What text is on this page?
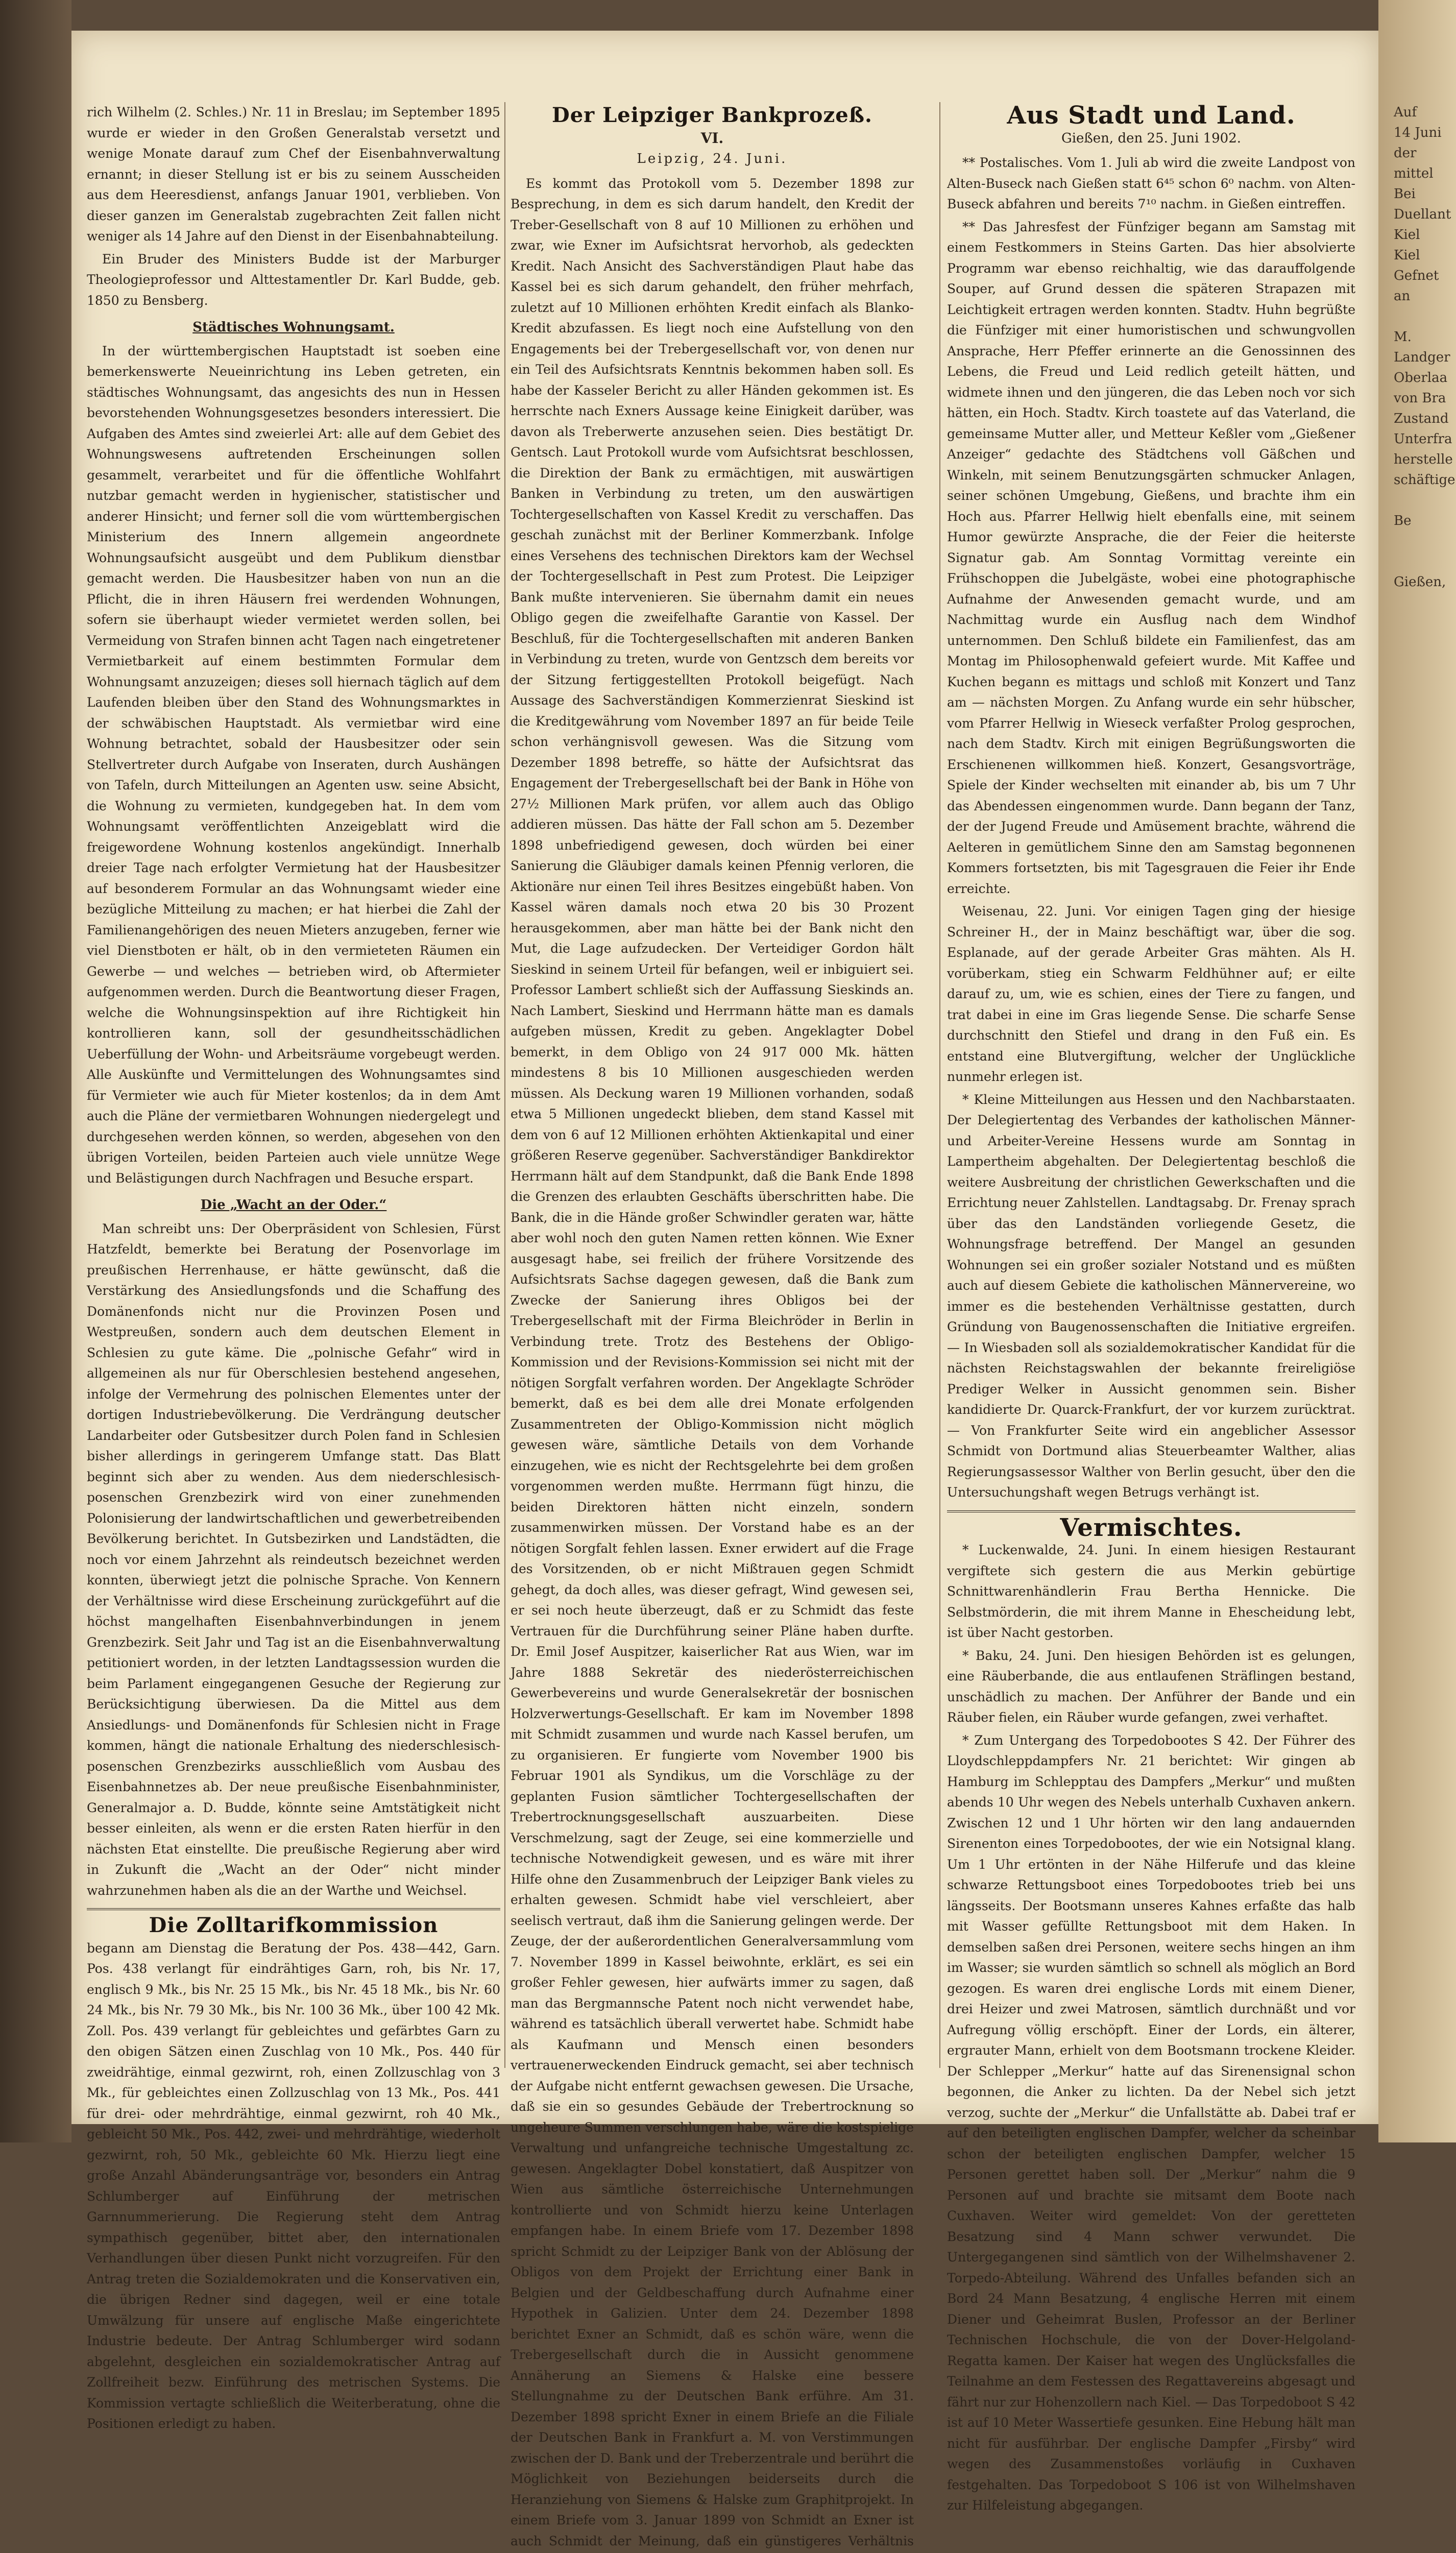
rich Wilhelm (2. Schles.) Nr. 11 in Breslau; im September 1895 wurde er wieder in den Großen Generalstab versetzt und wenige Monate darauf zum Chef der Eisenbahnverwaltung ernannt; in dieser Stellung ist er bis zu seinem Ausscheiden aus dem Heeresdienst, anfangs Januar 1901, verblieben. Von dieser ganzen im Generalstab zugebrachten Zeit fallen nicht weniger als 14 Jahre auf den Dienst in der Eisenbahnabteilung.

Ein Bruder des Ministers Budde ist der Marburger Theologieprofessor und Alttestamentler Dr. Karl Budde, geb. 1850 zu Bensberg.

Städtisches Wohnungsamt.

In der württembergischen Hauptstadt ist soeben eine bemerkenswerte Neueinrichtung ins Leben getreten, ein städtisches Wohnungsamt, das angesichts des nun in Hessen bevorstehenden Wohnungsgesetzes besonders interessiert. Die Aufgaben des Amtes sind zweierlei Art: alle auf dem Gebiet des Wohnungswesens auftretenden Erscheinungen sollen gesammelt, verarbeitet und für die öffentliche Wohlfahrt nutzbar gemacht werden in hygienischer, statistischer und anderer Hinsicht; und ferner soll die vom württembergischen Ministerium des Innern allgemein angeordnete Wohnungsaufsicht ausgeübt und dem Publikum dienstbar gemacht werden. Die Hausbesitzer haben von nun an die Pflicht, die in ihren Häusern frei werdenden Wohnungen, sofern sie überhaupt wieder vermietet werden sollen, bei Vermeidung von Strafen binnen acht Tagen nach eingetretener Vermietbarkeit auf einem bestimmten Formular dem Wohnungsamt anzuzeigen; dieses soll hiernach täglich auf dem Laufenden bleiben über den Stand des Wohnungsmarktes in der schwäbischen Hauptstadt. Als vermietbar wird eine Wohnung betrachtet, sobald der Hausbesitzer oder sein Stellvertreter durch Aufgabe von Inseraten, durch Aushängen von Tafeln, durch Mitteilungen an Agenten usw. seine Absicht, die Wohnung zu vermieten, kundgegeben hat. In dem vom Wohnungsamt veröffentlichten Anzeigeblatt wird die freigewordene Wohnung kostenlos angekündigt. Innerhalb dreier Tage nach erfolgter Vermietung hat der Hausbesitzer auf besonderem Formular an das Wohnungsamt wieder eine bezügliche Mitteilung zu machen; er hat hierbei die Zahl der Familienangehörigen des neuen Mieters anzugeben, ferner wie viel Dienstboten er hält, ob in den vermieteten Räumen ein Gewerbe — und welches — betrieben wird, ob Aftermieter aufgenommen werden. Durch die Beantwortung dieser Fragen, welche die Wohnungsinspektion auf ihre Richtigkeit hin kontrollieren kann, soll der gesundheitsschädlichen Ueberfüllung der Wohn- und Arbeitsräume vorgebeugt werden. Alle Auskünfte und Vermittelungen des Wohnungsamtes sind für Vermieter wie auch für Mieter kostenlos; da in dem Amt auch die Pläne der vermietbaren Wohnungen niedergelegt und durchgesehen werden können, so werden, abgesehen von den übrigen Vorteilen, beiden Parteien auch viele unnütze Wege und Belästigungen durch Nachfragen und Besuche erspart.

Die „Wacht an der Oder.“

Man schreibt uns: Der Oberpräsident von Schlesien, Fürst Hatzfeldt, bemerkte bei Beratung der Posenvorlage im preußischen Herrenhause, er hätte gewünscht, daß die Verstärkung des Ansiedlungsfonds und die Schaffung des Domänenfonds nicht nur die Provinzen Posen und Westpreußen, sondern auch dem deutschen Element in Schlesien zu gute käme. Die „polnische Gefahr“ wird in allgemeinen als nur für Oberschlesien bestehend angesehen, infolge der Vermehrung des polnischen Elementes unter der dortigen Industriebevölkerung. Die Verdrängung deutscher Landarbeiter oder Gutsbesitzer durch Polen fand in Schlesien bisher allerdings in geringerem Umfange statt. Das Blatt beginnt sich aber zu wenden. Aus dem niederschlesisch-posenschen Grenzbezirk wird von einer zunehmenden Polonisierung der landwirtschaftlichen und gewerbetreibenden Bevölkerung berichtet. In Gutsbezirken und Landstädten, die noch vor einem Jahrzehnt als reindeutsch bezeichnet werden konnten, überwiegt jetzt die polnische Sprache. Von Kennern der Verhältnisse wird diese Erscheinung zurückgeführt auf die höchst mangelhaften Eisenbahnverbindungen in jenem Grenzbezirk. Seit Jahr und Tag ist an die Eisenbahnverwaltung petitioniert worden, in der letzten Landtagssession wurden die beim Parlament eingegangenen Gesuche der Regierung zur Berücksichtigung überwiesen. Da die Mittel aus dem Ansiedlungs- und Domänenfonds für Schlesien nicht in Frage kommen, hängt die nationale Erhaltung des niederschlesisch-posenschen Grenzbezirks ausschließlich vom Ausbau des Eisenbahnnetzes ab. Der neue preußische Eisenbahnminister, Generalmajor a. D. Budde, könnte seine Amtstätigkeit nicht besser einleiten, als wenn er die ersten Raten hierfür in den nächsten Etat einstellte. Die preußische Regierung aber wird in Zukunft die „Wacht an der Oder“ nicht minder wahrzunehmen haben als die an der Warthe und Weichsel.

Die Zolltarifkommission

begann am Dienstag die Beratung der Pos. 438—442, Garn. Pos. 438 verlangt für eindrähtiges Garn, roh, bis Nr. 17, englisch 9 Mk., bis Nr. 25 15 Mk., bis Nr. 45 18 Mk., bis Nr. 60 24 Mk., bis Nr. 79 30 Mk., bis Nr. 100 36 Mk., über 100 42 Mk. Zoll. Pos. 439 verlangt für gebleichtes und gefärbtes Garn zu den obigen Sätzen einen Zuschlag von 10 Mk., Pos. 440 für zweidrähtige, einmal gezwirnt, roh, einen Zollzuschlag von 3 Mk., für gebleichtes einen Zollzuschlag von 13 Mk., Pos. 441 für drei- oder mehrdrähtige, einmal gezwirnt, roh 40 Mk., gebleicht 50 Mk., Pos. 442, zwei- und mehrdrähtige, wiederholt gezwirnt, roh, 50 Mk., gebleichte 60 Mk. Hierzu liegt eine große Anzahl Abänderungsanträge vor, besonders ein Antrag Schlumberger auf Einführung der metrischen Garnnummerierung. Die Regierung steht dem Antrag sympathisch gegenüber, bittet aber, den internationalen Verhandlungen über diesen Punkt nicht vorzugreifen. Für den Antrag treten die Sozialdemokraten und die Konservativen ein, die übrigen Redner sind dagegen, weil er eine totale Umwälzung für unsere auf englische Maße eingerichtete Industrie bedeute. Der Antrag Schlumberger wird sodann abgelehnt, desgleichen ein sozialdemokratischer Antrag auf Zollfreiheit bezw. Einführung des metrischen Systems. Die Kommission vertagte schließlich die Weiterberatung, ohne die Positionen erledigt zu haben.

Der Leipziger Bankprozeß.
VI.
Leipzig, 24. Juni.

Es kommt das Protokoll vom 5. Dezember 1898 zur Besprechung, in dem es sich darum handelt, den Kredit der Treber-Gesellschaft von 8 auf 10 Millionen zu erhöhen und zwar, wie Exner im Aufsichtsrat hervorhob, als gedeckten Kredit. Nach Ansicht des Sachverständigen Plaut habe das Kassel bei es sich darum gehandelt, den früher mehrfach, zuletzt auf 10 Millionen erhöhten Kredit einfach als Blanko-Kredit abzufassen. Es liegt noch eine Aufstellung von den Engagements bei der Trebergesellschaft vor, von denen nur ein Teil des Aufsichtsrats Kenntnis bekommen haben soll. Es habe der Kasseler Bericht zu aller Händen gekommen ist. Es herrschte nach Exners Aussage keine Einigkeit darüber, was davon als Treberwerte anzusehen seien. Dies bestätigt Dr. Gentsch. Laut Protokoll wurde vom Aufsichtsrat beschlossen, die Direktion der Bank zu ermächtigen, mit auswärtigen Banken in Verbindung zu treten, um den auswärtigen Tochtergesellschaften von Kassel Kredit zu verschaffen. Das geschah zunächst mit der Berliner Kommerzbank. Infolge eines Versehens des technischen Direktors kam der Wechsel der Tochtergesellschaft in Pest zum Protest. Die Leipziger Bank mußte intervenieren. Sie übernahm damit ein neues Obligo gegen die zweifelhafte Garantie von Kassel. Der Beschluß, für die Tochtergesellschaften mit anderen Banken in Verbindung zu treten, wurde von Gentzsch dem bereits vor der Sitzung fertiggestellten Protokoll beigefügt. Nach Aussage des Sachverständigen Kommerzienrat Sieskind ist die Kreditgewährung vom November 1897 an für beide Teile schon verhängnisvoll gewesen. Was die Sitzung vom Dezember 1898 betreffe, so hätte der Aufsichtsrat das Engagement der Trebergesellschaft bei der Bank in Höhe von 27½ Millionen Mark prüfen, vor allem auch das Obligo addieren müssen. Das hätte der Fall schon am 5. Dezember 1898 unbefriedigend gewesen, doch würden bei einer Sanierung die Gläubiger damals keinen Pfennig verloren, die Aktionäre nur einen Teil ihres Besitzes eingebüßt haben. Von Kassel wären damals noch etwa 20 bis 30 Prozent herausgekommen, aber man hätte bei der Bank nicht den Mut, die Lage aufzudecken. Der Verteidiger Gordon hält Sieskind in seinem Urteil für befangen, weil er inbiguiert sei. Professor Lambert schließt sich der Auffassung Sieskinds an. Nach Lambert, Sieskind und Herrmann hätte man es damals aufgeben müssen, Kredit zu geben. Angeklagter Dobel bemerkt, in dem Obligo von 24 917 000 Mk. hätten mindestens 8 bis 10 Millionen ausgeschieden werden müssen. Als Deckung waren 19 Millionen vorhanden, sodaß etwa 5 Millionen ungedeckt blieben, dem stand Kassel mit dem von 6 auf 12 Millionen erhöhten Aktienkapital und einer größeren Reserve gegenüber. Sachverständiger Bankdirektor Herrmann hält auf dem Standpunkt, daß die Bank Ende 1898 die Grenzen des erlaubten Geschäfts überschritten habe. Die Bank, die in die Hände großer Schwindler geraten war, hätte aber wohl noch den guten Namen retten können. Wie Exner ausgesagt habe, sei freilich der frühere Vorsitzende des Aufsichtsrats Sachse dagegen gewesen, daß die Bank zum Zwecke der Sanierung ihres Obligos bei der Trebergesellschaft mit der Firma Bleichröder in Berlin in Verbindung trete. Trotz des Bestehens der Obligo-Kommission und der Revisions-Kommission sei nicht mit der nötigen Sorgfalt verfahren worden. Der Angeklagte Schröder bemerkt, daß es bei dem alle drei Monate erfolgenden Zusammentreten der Obligo-Kommission nicht möglich gewesen wäre, sämtliche Details von dem Vorhande einzugehen, wie es nicht der Rechtsgelehrte bei dem großen vorgenommen werden mußte. Herrmann fügt hinzu, die beiden Direktoren hätten nicht einzeln, sondern zusammenwirken müssen. Der Vorstand habe es an der nötigen Sorgfalt fehlen lassen. Exner erwidert auf die Frage des Vorsitzenden, ob er nicht Mißtrauen gegen Schmidt gehegt, da doch alles, was dieser gefragt, Wind gewesen sei, er sei noch heute überzeugt, daß er zu Schmidt das feste Vertrauen für die Durchführung seiner Pläne haben durfte. Dr. Emil Josef Auspitzer, kaiserlicher Rat aus Wien, war im Jahre 1888 Sekretär des niederösterreichischen Gewerbevereins und wurde Generalsekretär der bosnischen Holzverwertungs-Gesellschaft. Er kam im November 1898 mit Schmidt zusammen und wurde nach Kassel berufen, um zu organisieren. Er fungierte vom November 1900 bis Februar 1901 als Syndikus, um die Vorschläge zu der geplanten Fusion sämtlicher Tochtergesellschaften der Trebertrocknungsgesellschaft auszuarbeiten. Diese Verschmelzung, sagt der Zeuge, sei eine kommerzielle und technische Notwendigkeit gewesen, und es wäre mit ihrer Hilfe ohne den Zusammenbruch der Leipziger Bank vieles zu erhalten gewesen. Schmidt habe viel verschleiert, aber seelisch vertraut, daß ihm die Sanierung gelingen werde. Der Zeuge, der der außerordentlichen Generalversammlung vom 7. November 1899 in Kassel beiwohnte, erklärt, es sei ein großer Fehler gewesen, hier aufwärts immer zu sagen, daß man das Bergmannsche Patent noch nicht verwendet habe, während es tatsächlich überall verwertet habe. Schmidt habe als Kaufmann und Mensch einen besonders vertrauenerweckenden Eindruck gemacht, sei aber technisch der Aufgabe nicht entfernt gewachsen gewesen. Die Ursache, daß sie ein so gesundes Gebäude der Trebertrocknung so ungeheure Summen verschlungen habe, wäre die kostspielige Verwaltung und unfangreiche technische Umgestaltung zc. gewesen. Angeklagter Dobel konstatiert, daß Auspitzer von Wien aus sämtliche österreichische Unternehmungen kontrollierte und von Schmidt hierzu keine Unterlagen empfangen habe. In einem Briefe vom 17. Dezember 1898 spricht Schmidt zu der Leipziger Bank von der Ablösung der Obligos von dem Projekt der Errichtung einer Bank in Belgien und der Geldbeschaffung durch Aufnahme einer Hypothek in Galizien. Unter dem 24. Dezember 1898 berichtet Exner an Schmidt, daß es schön wäre, wenn die Trebergesellschaft durch die in Aussicht genommene Annäherung an Siemens & Halske eine bessere Stellungnahme zu der Deutschen Bank erführe. Am 31. Dezember 1898 spricht Exner in einem Briefe an die Filiale der Deutschen Bank in Frankfurt a. M. von Verstimmungen zwischen der D. Bank und der Treberzentrale und berührt die Möglichkeit von Beziehungen beiderseits durch die Heranziehung von Siemens & Halske zum Graphitprojekt. In einem Briefe vom 3. Januar 1899 von Schmidt an Exner ist auch Schmidt der Meinung, daß ein günstigeres Verhältnis

Aus Stadt und Land.
Gießen, den 25. Juni 1902.

** Postalisches. Vom 1. Juli ab wird die zweite Landpost von Alten-Buseck nach Gießen statt 6⁴⁵ schon 6⁰ nachm. von Alten-Buseck abfahren und bereits 7¹⁰ nachm. in Gießen eintreffen.

** Das Jahresfest der Fünfziger begann am Samstag mit einem Festkommers in Steins Garten. Das hier absolvierte Programm war ebenso reichhaltig, wie das darauffolgende Souper, auf Grund dessen die späteren Strapazen mit Leichtigkeit ertragen werden konnten. Stadtv. Huhn begrüßte die Fünfziger mit einer humoristischen und schwungvollen Ansprache, Herr Pfeffer erinnerte an die Genossinnen des Lebens, die Freud und Leid redlich geteilt hätten, und widmete ihnen und den jüngeren, die das Leben noch vor sich hätten, ein Hoch. Stadtv. Kirch toastete auf das Vaterland, die gemeinsame Mutter aller, und Metteur Keßler vom „Gießener Anzeiger“ gedachte des Städtchens voll Gäßchen und Winkeln, mit seinem Benutzungsgärten schmucker Anlagen, seiner schönen Umgebung, Gießens, und brachte ihm ein Hoch aus. Pfarrer Hellwig hielt ebenfalls eine, mit seinem Humor gewürzte Ansprache, die der Feier die heiterste Signatur gab. Am Sonntag Vormittag vereinte ein Frühschoppen die Jubelgäste, wobei eine photographische Aufnahme der Anwesenden gemacht wurde, und am Nachmittag wurde ein Ausflug nach dem Windhof unternommen. Den Schluß bildete ein Familienfest, das am Montag im Philosophenwald gefeiert wurde. Mit Kaffee und Kuchen begann es mittags und schloß mit Konzert und Tanz am — nächsten Morgen. Zu Anfang wurde ein sehr hübscher, vom Pfarrer Hellwig in Wieseck verfaßter Prolog gesprochen, nach dem Stadtv. Kirch mit einigen Begrüßungsworten die Erschienenen willkommen hieß. Konzert, Gesangsvorträge, Spiele der Kinder wechselten mit einander ab, bis um 7 Uhr das Abendessen eingenommen wurde. Dann begann der Tanz, der der Jugend Freude und Amüsement brachte, während die Aelteren in gemütlichem Sinne den am Samstag begonnenen Kommers fortsetzten, bis mit Tagesgrauen die Feier ihr Ende erreichte.

Weisenau, 22. Juni. Vor einigen Tagen ging der hiesige Schreiner H., der in Mainz beschäftigt war, über die sog. Esplanade, auf der gerade Arbeiter Gras mähten. Als H. vorüberkam, stieg ein Schwarm Feldhühner auf; er eilte darauf zu, um, wie es schien, eines der Tiere zu fangen, und trat dabei in eine im Gras liegende Sense. Die scharfe Sense durchschnitt den Stiefel und drang in den Fuß ein. Es entstand eine Blutvergiftung, welcher der Unglückliche nunmehr erlegen ist.

* Kleine Mitteilungen aus Hessen und den Nachbarstaaten. Der Delegiertentag des Verbandes der katholischen Männer- und Arbeiter-Vereine Hessens wurde am Sonntag in Lampertheim abgehalten. Der Delegiertentag beschloß die weitere Ausbreitung der christlichen Gewerkschaften und die Errichtung neuer Zahlstellen. Landtagsabg. Dr. Frenay sprach über das den Landständen vorliegende Gesetz, die Wohnungsfrage betreffend. Der Mangel an gesunden Wohnungen sei ein großer sozialer Notstand und es müßten auch auf diesem Gebiete die katholischen Männervereine, wo immer es die bestehenden Verhältnisse gestatten, durch Gründung von Baugenossenschaften die Initiative ergreifen. — In Wiesbaden soll als sozialdemokratischer Kandidat für die nächsten Reichstagswahlen der bekannte freireligiöse Prediger Welker in Aussicht genommen sein. Bisher kandidierte Dr. Quarck-Frankfurt, der vor kurzem zurücktrat. — Von Frankfurter Seite wird ein angeblicher Assessor Schmidt von Dortmund alias Steuerbeamter Walther, alias Regierungsassessor Walther von Berlin gesucht, über den die Untersuchungshaft wegen Betrugs verhängt ist.

Vermischtes.

* Luckenwalde, 24. Juni. In einem hiesigen Restaurant vergiftete sich gestern die aus Merkin gebürtige Schnittwarenhändlerin Frau Bertha Hennicke. Die Selbstmörderin, die mit ihrem Manne in Ehescheidung lebt, ist über Nacht gestorben.

* Baku, 24. Juni. Den hiesigen Behörden ist es gelungen, eine Räuberbande, die aus entlaufenen Sträflingen bestand, unschädlich zu machen. Der Anführer der Bande und ein Räuber fielen, ein Räuber wurde gefangen, zwei verhaftet.

* Zum Untergang des Torpedobootes S 42. Der Führer des Lloydschleppdampfers Nr. 21 berichtet: Wir gingen ab Hamburg im Schlepptau des Dampfers „Merkur“ und mußten abends 10 Uhr wegen des Nebels unterhalb Cuxhaven ankern. Zwischen 12 und 1 Uhr hörten wir den lang andauernden Sirenenton eines Torpedobootes, der wie ein Notsignal klang. Um 1 Uhr ertönten in der Nähe Hilferufe und das kleine schwarze Rettungsboot eines Torpedobootes trieb bei uns längsseits. Der Bootsmann unseres Kahnes erfaßte das halb mit Wasser gefüllte Rettungsboot mit dem Haken. In demselben saßen drei Personen, weitere sechs hingen an ihm im Wasser; sie wurden sämtlich so schnell als möglich an Bord gezogen. Es waren drei englische Lords mit einem Diener, drei Heizer und zwei Matrosen, sämtlich durchnäßt und vor Aufregung völlig erschöpft. Einer der Lords, ein älterer, ergrauter Mann, erhielt von dem Bootsmann trockene Kleider. Der Schlepper „Merkur“ hatte auf das Sirenensignal schon begonnen, die Anker zu lichten. Da der Nebel sich jetzt verzog, suchte der „Merkur“ die Unfallstätte ab. Dabei traf er auf den beteiligten englischen Dampfer, welcher da scheinbar schon der beteiligten englischen Dampfer, welcher 15 Personen gerettet haben soll. Der „Merkur“ nahm die 9 Personen auf und brachte sie mitsamt dem Boote nach Cuxhaven. Weiter wird gemeldet: Von der geretteten Besatzung sind 4 Mann schwer verwundet. Die Untergegangenen sind sämtlich von der Wilhelmshavener 2. Torpedo-Abteilung. Während des Unfalles befanden sich an Bord 24 Mann Besatzung, 4 englische Herren mit einem Diener und Geheimrat Buslen, Professor an der Berliner Technischen Hochschule, die von der Dover-Helgoland-Regatta kamen. Der Kaiser hat wegen des Unglücksfalles die Teilnahme an dem Festessen des Regattavereins abgesagt und fährt nur zur Hohenzollern nach Kiel. — Das Torpedoboot S 42 ist auf 10 Meter Wassertiefe gesunken. Eine Hebung hält man nicht für ausführbar. Der englische Dampfer „Firsby“ wird wegen des Zusammenstoßes vorläufig in Cuxhaven festgehalten. Das Torpedoboot S 106 ist von Wilhelmshaven zur Hilfeleistung abgegangen.

Auf
14 Juni
der
mittel
Bei
Duellant
Kiel
Kiel
Gefnet an

M.
Landger
Oberlaa
von Bra
Zustand
Unterfra
herstelle
schäftige

Be

Gießen,
